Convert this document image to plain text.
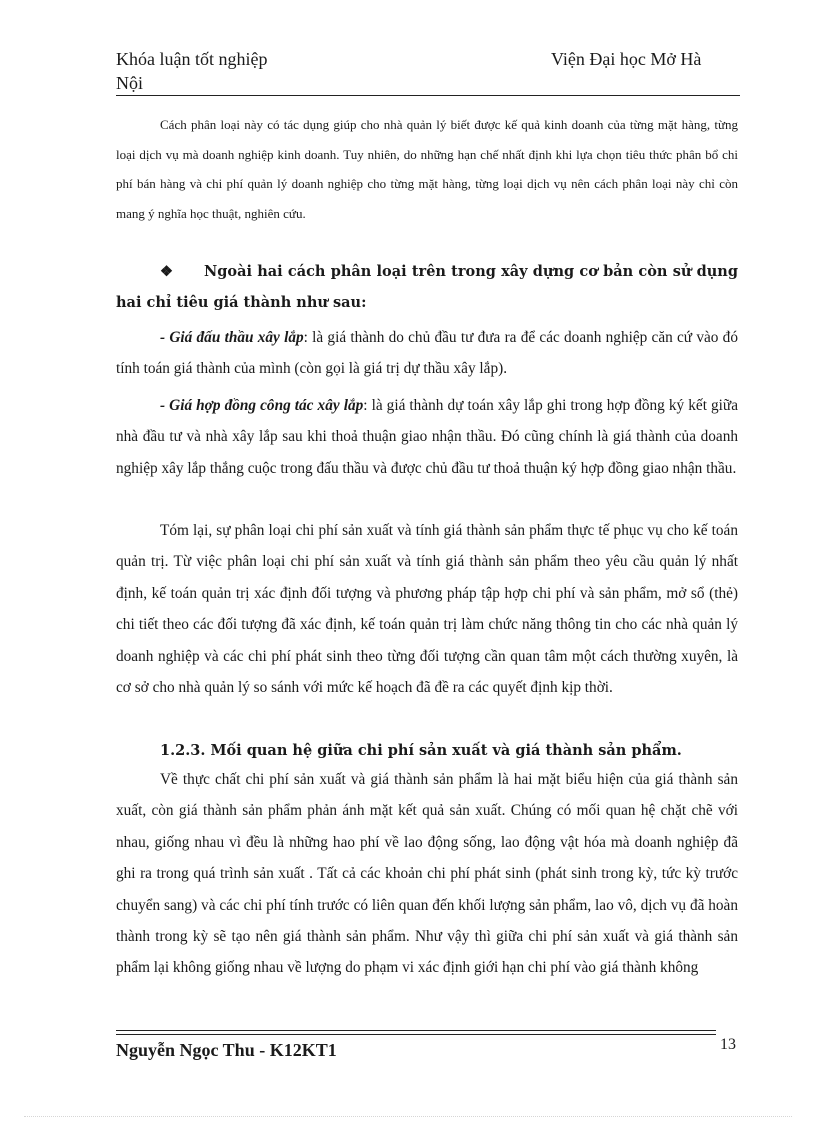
Khóa luận tốt nghiệp	Viện Đại học Mở Hà
Nội
Cách phân loại này có tác dụng giúp cho nhà quản lý biết được kế quả kinh doanh của từng mặt hàng, từng loại dịch vụ mà doanh nghiệp kinh doanh. Tuy nhiên, do những hạn chế nhất định khi lựa chọn tiêu thức phân bổ chi phí bán hàng và chi phí quản lý doanh nghiệp cho từng mặt hàng, từng loại dịch vụ nên cách phân loại này chỉ còn mang ý nghĩa học thuật, nghiên cứu.
❖ Ngoài hai cách phân loại trên trong xây dựng cơ bản còn sử dụng hai chỉ tiêu giá thành như sau:
- Giá đấu thầu xây lắp: là giá thành do chủ đầu tư đưa ra để các doanh nghiệp căn cứ vào đó tính toán giá thành của mình (còn gọi là giá trị dự thầu xây lắp).
- Giá hợp đồng công tác xây lắp: là giá thành dự toán xây lắp ghi trong hợp đồng ký kết giữa nhà đầu tư và nhà xây lắp sau khi thoả thuận giao nhận thầu. Đó cũng chính là giá thành của doanh nghiệp xây lắp thắng cuộc trong đấu thầu và được chủ đầu tư thoả thuận ký hợp đồng giao nhận thầu.
Tóm lại, sự phân loại chi phí sản xuất và tính giá thành sản phẩm thực tế phục vụ cho kế toán quản trị. Từ việc phân loại chi phí sản xuất và tính giá thành sản phẩm theo yêu cầu quản lý nhất định, kế toán quản trị xác định đối tượng và phương pháp tập hợp chi phí và sản phẩm, mở sổ (thẻ) chi tiết theo các đối tượng đã xác định, kế toán quản trị làm chức năng thông tin cho các nhà quản lý doanh nghiệp và các chi phí phát sinh theo từng đối tượng cần quan tâm một cách thường xuyên, là cơ sở cho nhà quản lý so sánh với mức kế hoạch đã đề ra các quyết định kịp thời.
1.2.3. Mối quan hệ giữa chi phí sản xuất và giá thành sản phẩm.
Về thực chất chi phí sản xuất và giá thành sản phẩm là hai mặt biểu hiện của giá thành sản xuất, còn giá thành sản phẩm phản ánh mặt kết quả sản xuất. Chúng có mối quan hệ chặt chẽ với nhau, giống nhau vì đều là những hao phí về lao động sống, lao động vật hóa mà doanh nghiệp đã ghi ra trong quá trình sản xuất . Tất cả các khoản chi phí phát sinh (phát sinh trong kỳ, tức kỳ trước chuyển sang) và các chi phí tính trước có liên quan đến khối lượng sản phẩm, lao vô, dịch vụ đã hoàn thành trong kỳ sẽ tạo nên giá thành sản phẩm. Như vậy thì giữa chi phí sản xuất và giá thành sản phẩm lại không giống nhau về lượng do phạm vi xác định giới hạn chi phí vào giá thành không
Nguyễn Ngọc Thu - K12KT1	13
